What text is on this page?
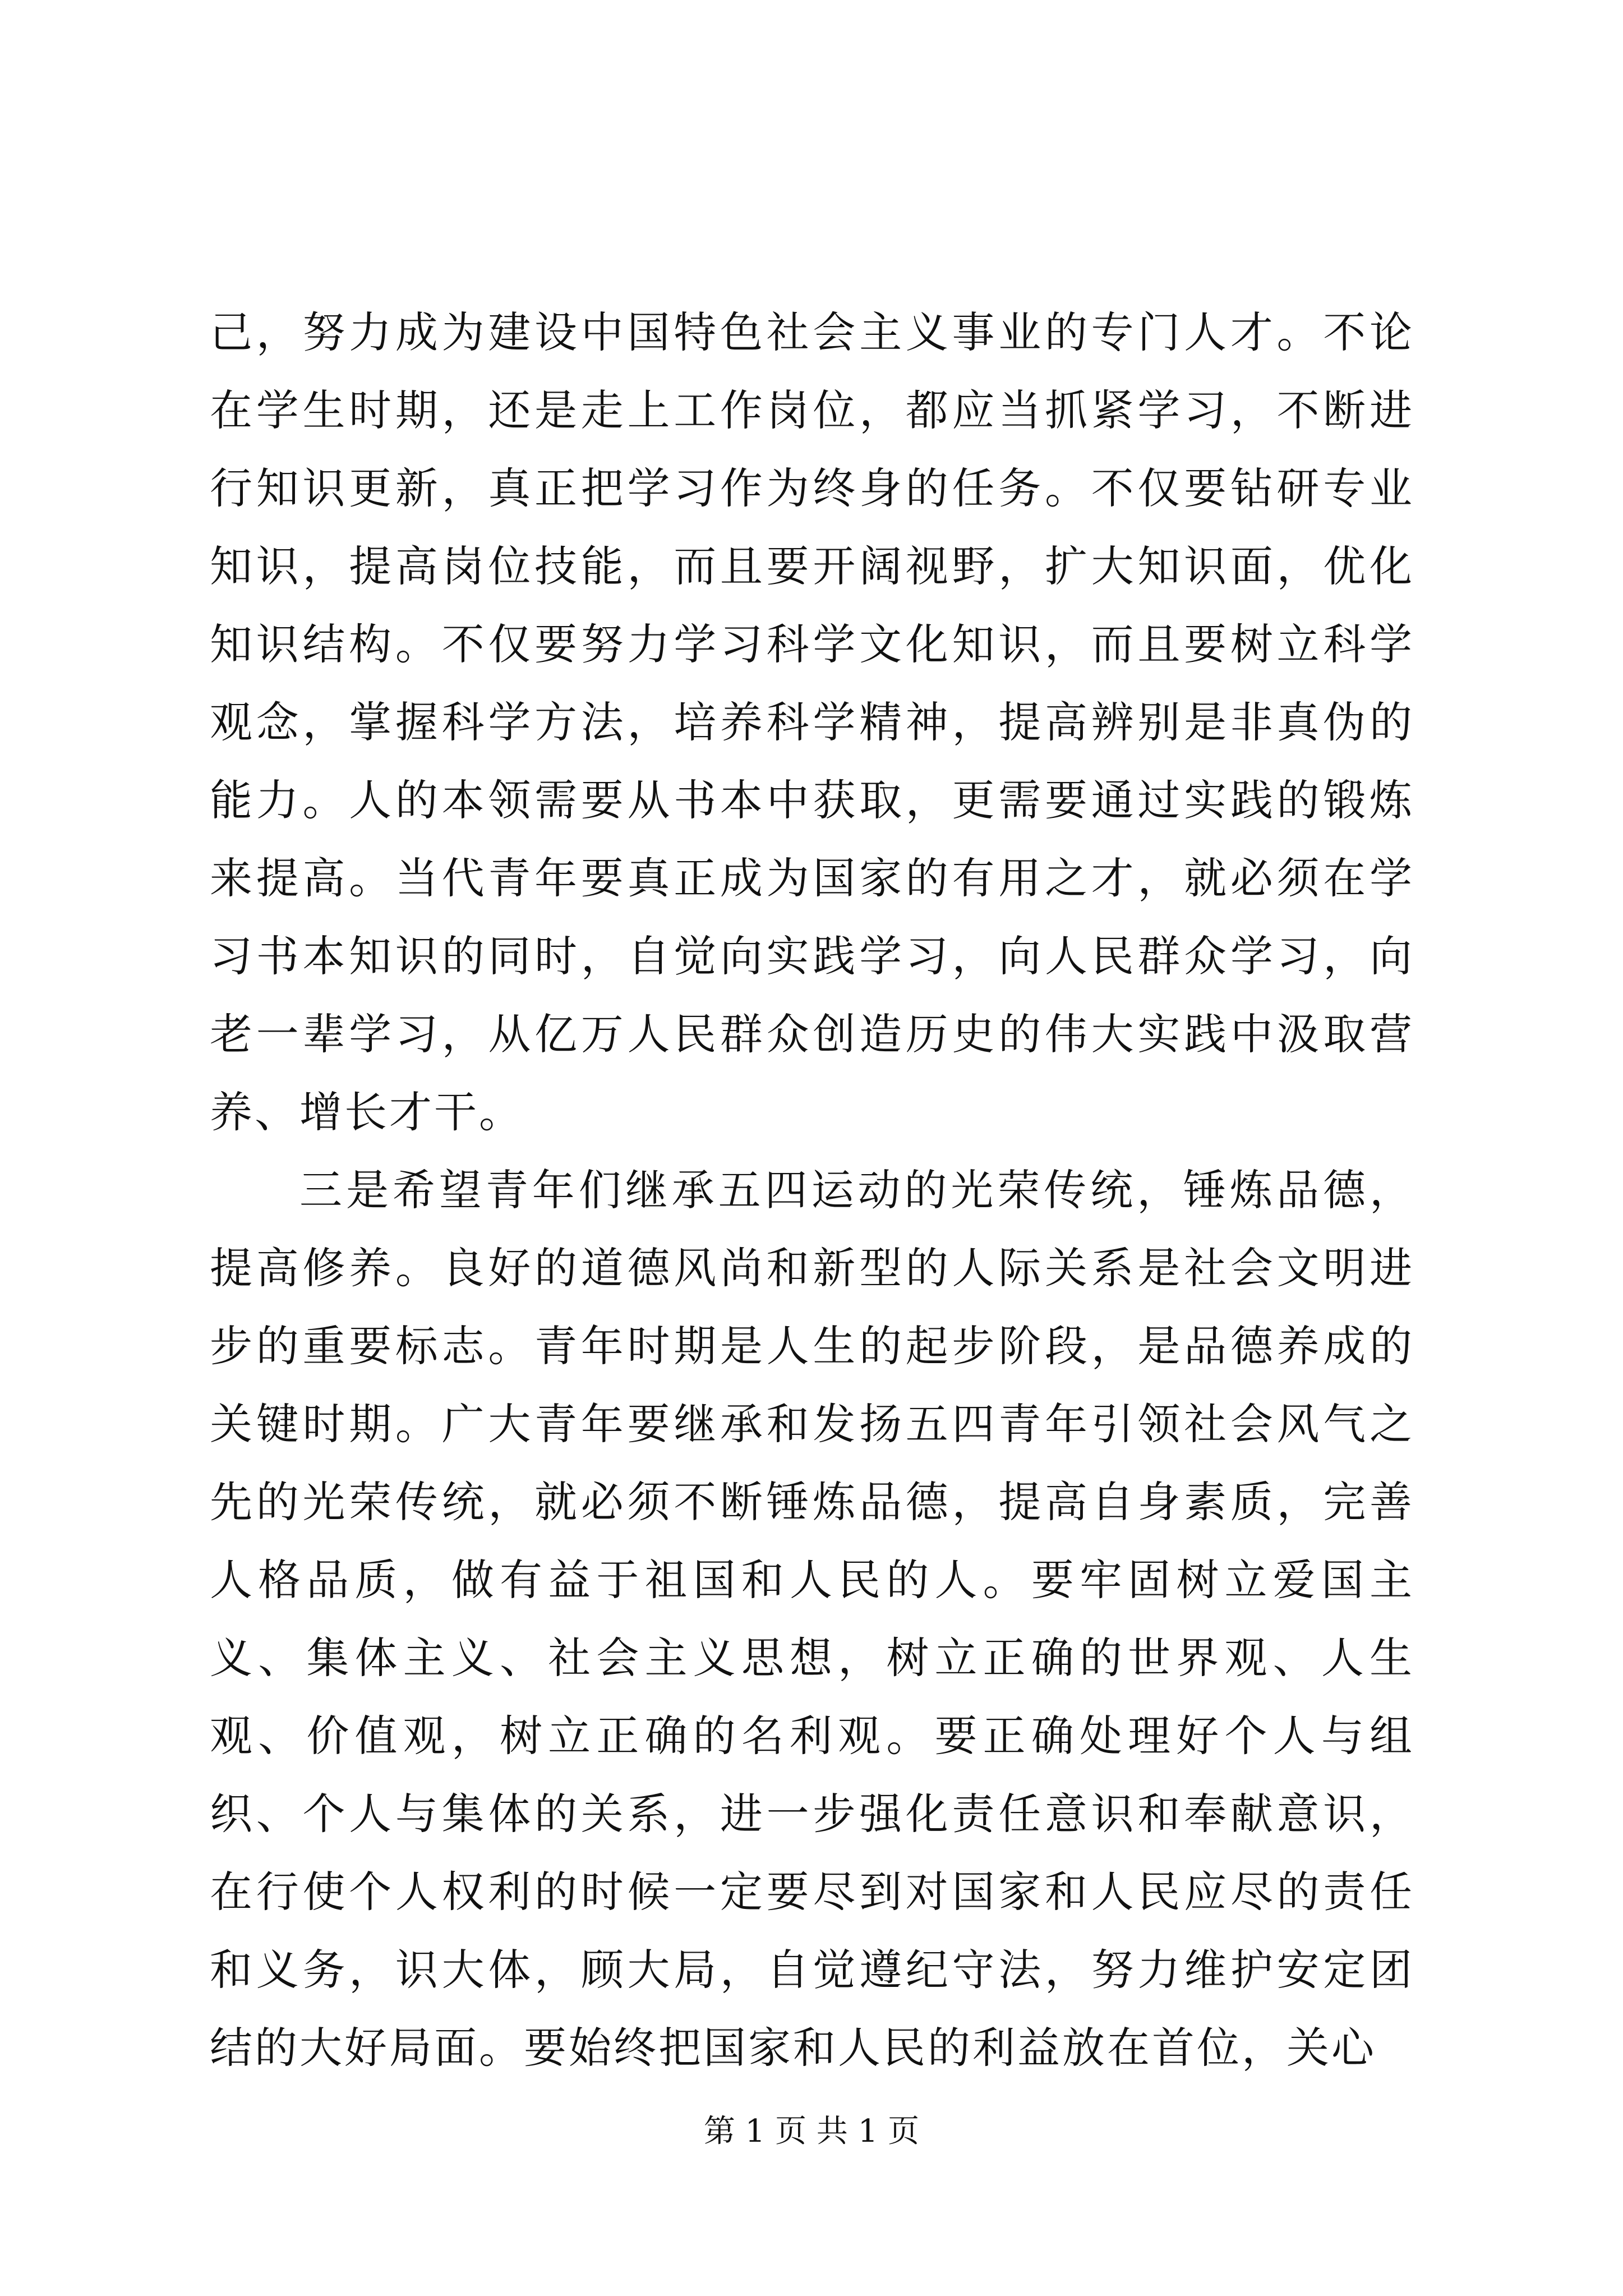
己，努力成为建设中国特色社会主义事业的专门人才。不论在学生时期，还是走上工作岗位，都应当抓紧学习，不断进行知识更新，真正把学习作为终身的任务。不仅要钻研专业知识，提高岗位技能，而且要开阔视野，扩大知识面，优化知识结构。不仅要努力学习科学文化知识，而且要树立科学观念，掌握科学方法，培养科学精神，提高辨别是非真伪的能力。人的本领需要从书本中获取，更需要通过实践的锻炼来提高。当代青年要真正成为国家的有用之才，就必须在学习书本知识的同时，自觉向实践学习，向人民群众学习，向老一辈学习，从亿万人民群众创造历史的伟大实践中汲取营养、增长才干。

三是希望青年们继承五四运动的光荣传统，锤炼品德，提高修养。良好的道德风尚和新型的人际关系是社会文明进步的重要标志。青年时期是人生的起步阶段，是品德养成的关键时期。广大青年要继承和发扬五四青年引领社会风气之先的光荣传统，就必须不断锤炼品德，提高自身素质，完善人格品质，做有益于祖国和人民的人。要牢固树立爱国主义、集体主义、社会主义思想，树立正确的世界观、人生观、价值观，树立正确的名利观。要正确处理好个人与组织、个人与集体的关系，进一步强化责任意识和奉献意识，在行使个人权利的时候一定要尽到对国家和人民应尽的责任和义务，识大体，顾大局，自觉遵纪守法，努力维护安定团结的大好局面。要始终把国家和人民的利益放在首位，关心

第 1 页 共 1 页
